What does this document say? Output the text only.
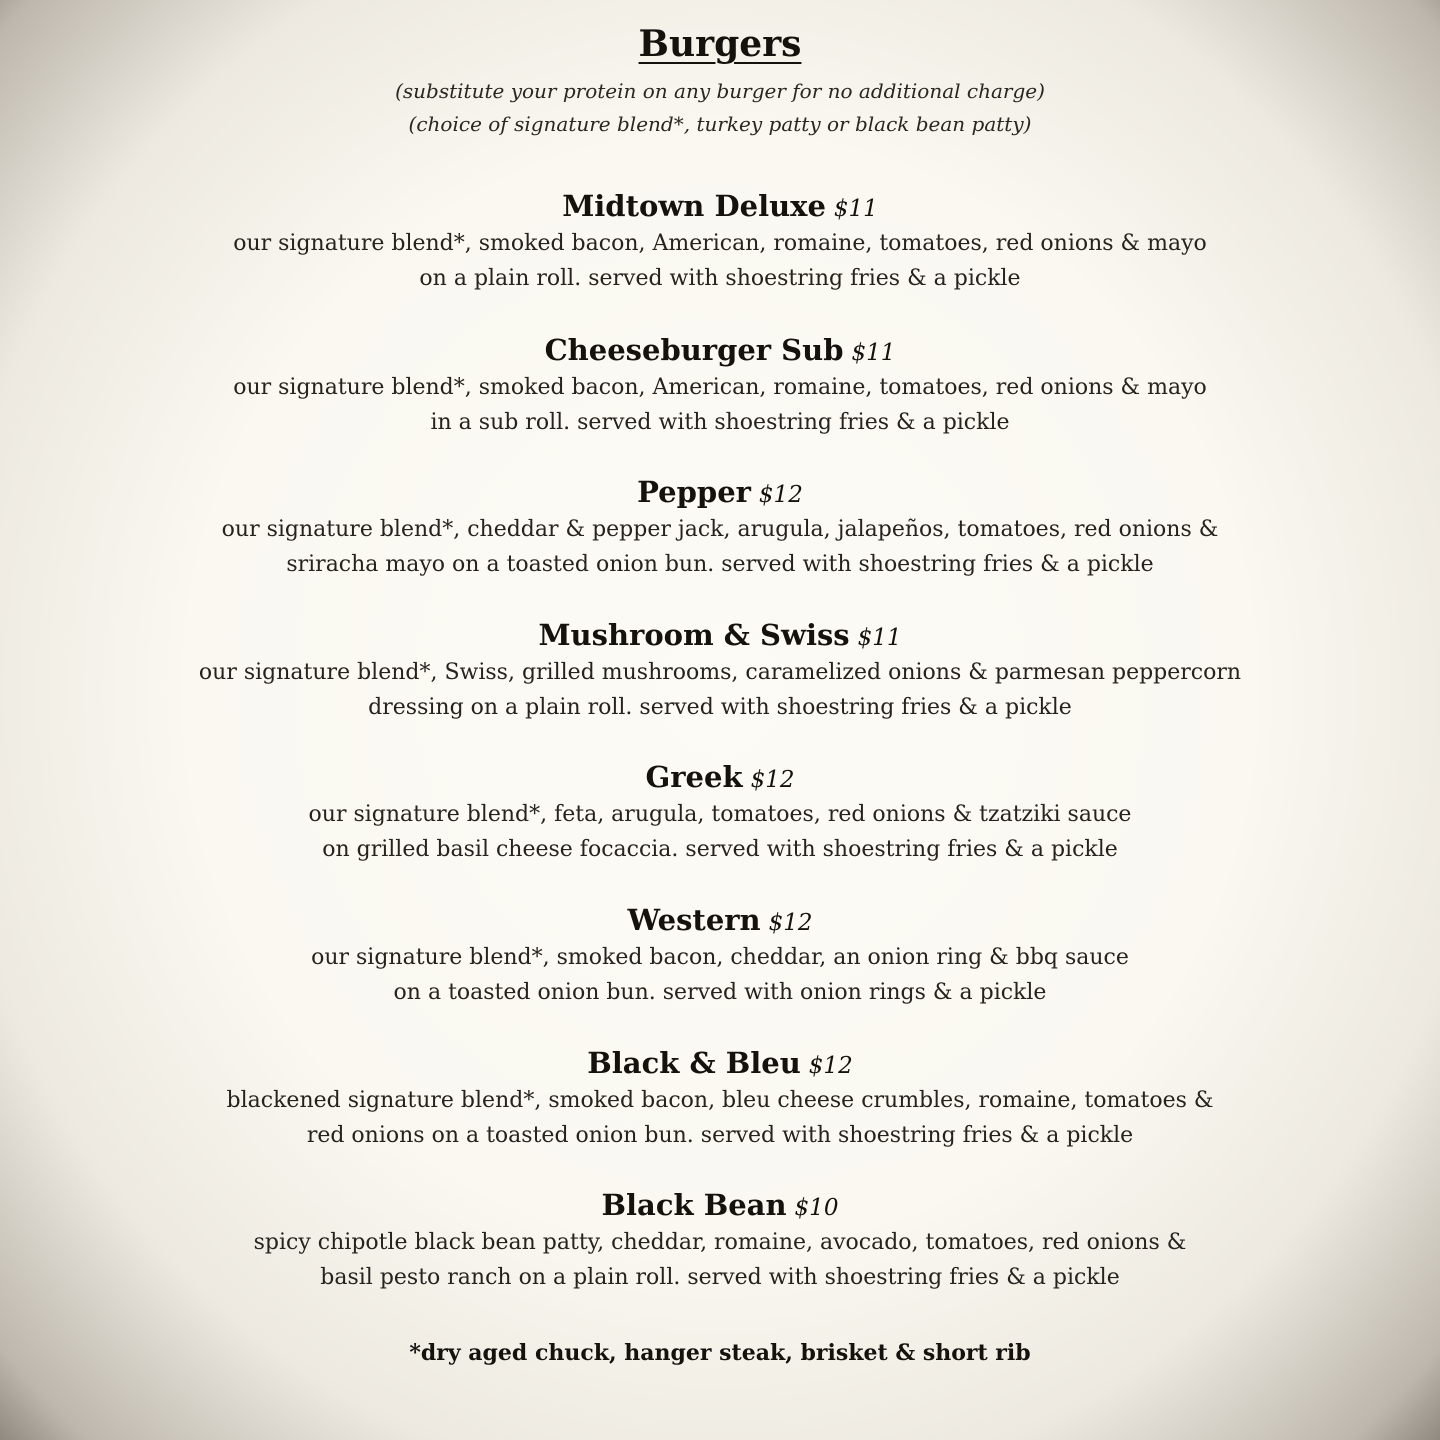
Burgers

(substitute your protein on any burger for no additional charge)

(choice of signature blend*, turkey patty or black bean patty)

Midtown Deluxe $11

our signature blend*, smoked bacon, American, romaine, tomatoes, red onions & mayo

on a plain roll. served with shoestring fries & a pickle

Cheeseburger Sub $11

our signature blend*, smoked bacon, American, romaine, tomatoes, red onions & mayo

in a sub roll. served with shoestring fries & a pickle

Pepper $12

our signature blend*, cheddar & pepper jack, arugula, jalapeños, tomatoes, red onions &

sriracha mayo on a toasted onion bun. served with shoestring fries & a pickle

Mushroom & Swiss $11

our signature blend*, Swiss, grilled mushrooms, caramelized onions & parmesan peppercorn

dressing on a plain roll. served with shoestring fries & a pickle

Greek $12

our signature blend*, feta, arugula, tomatoes, red onions & tzatziki sauce

on grilled basil cheese focaccia. served with shoestring fries & a pickle

Western $12

our signature blend*, smoked bacon, cheddar, an onion ring & bbq sauce

on a toasted onion bun. served with onion rings & a pickle

Black & Bleu $12

blackened signature blend*, smoked bacon, bleu cheese crumbles, romaine, tomatoes &

red onions on a toasted onion bun. served with shoestring fries & a pickle

Black Bean $10

spicy chipotle black bean patty, cheddar, romaine, avocado, tomatoes, red onions &

basil pesto ranch on a plain roll. served with shoestring fries & a pickle

*dry aged chuck, hanger steak, brisket & short rib
